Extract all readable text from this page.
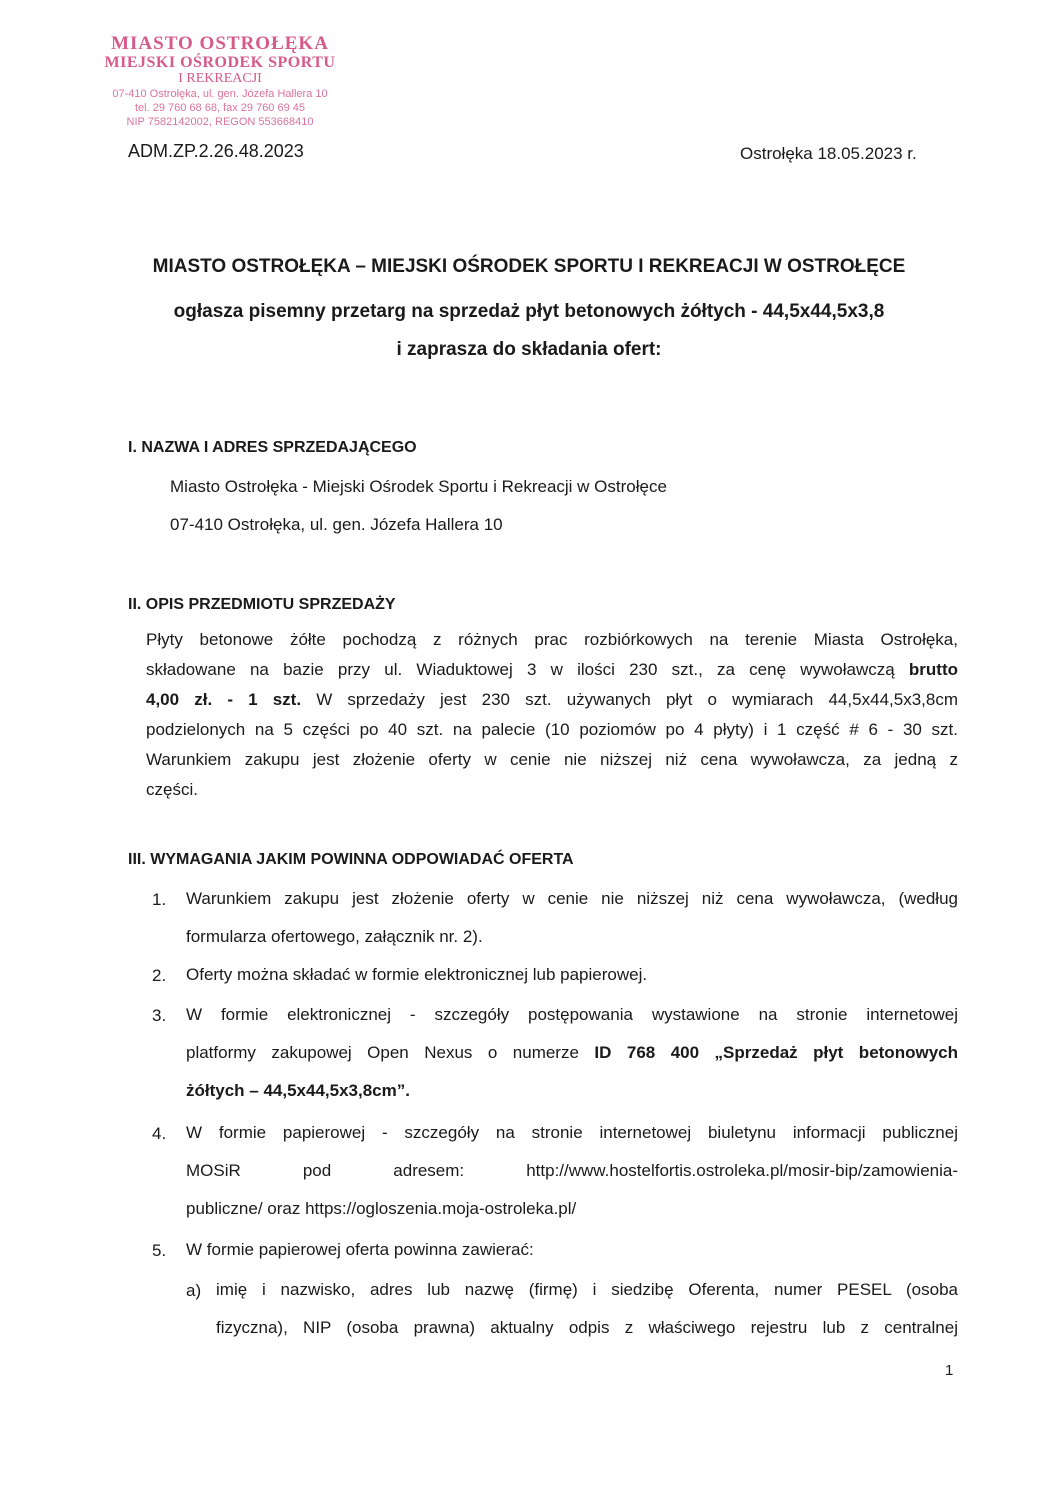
MIASTO OSTROŁĘKA
MIEJSKI OŚRODEK SPORTU
I REKREACJI
07-410 Ostrołęka, ul. gen. Józefa Hallera 10
tel. 29 760 68 68, fax 29 760 69 45
NIP 7582142002, REGON 553668410
ADM.ZP.2.26.48.2023	Ostrołęka 18.05.2023 r.
MIASTO OSTROŁĘKA – MIEJSKI OŚRODEK SPORTU I REKREACJI W OSTROŁĘCE
ogłasza pisemny przetarg na sprzedaż płyt betonowych żółtych - 44,5x44,5x3,8
i zaprasza do składania ofert:
I. NAZWA I ADRES SPRZEDAJĄCEGO
Miasto Ostrołęka - Miejski Ośrodek Sportu i Rekreacji w Ostrołęce
07-410 Ostrołęka, ul. gen. Józefa Hallera 10
II. OPIS PRZEDMIOTU SPRZEDAŻY
Płyty betonowe żółte pochodzą z różnych prac rozbiórkowych na terenie Miasta Ostrołęka,
składowane na bazie przy ul. Wiaduktowej 3 w ilości 230 szt., za cenę wywoławczą brutto
4,00 zł. - 1 szt. W sprzedaży jest 230 szt. używanych płyt o wymiarach 44,5x44,5x3,8cm
podzielonych na 5 części po 40 szt. na palecie (10 poziomów po 4 płyty) i 1 część # 6 - 30 szt.
Warunkiem zakupu jest złożenie oferty w cenie nie niższej niż cena wywoławcza, za jedną z
części.
III. WYMAGANIA JAKIM POWINNA ODPOWIADAĆ OFERTA
1. Warunkiem zakupu jest złożenie oferty w cenie nie niższej niż cena wywoławcza, (według
formularza ofertowego, załącznik nr. 2).
2. Oferty można składać w formie elektronicznej lub papierowej.
3. W formie elektronicznej - szczegóły postępowania wystawione na stronie internetowej
platformy zakupowej Open Nexus o numerze ID 768 400 „Sprzedaż płyt betonowych
żółtych – 44,5x44,5x3,8cm”.
4. W formie papierowej - szczegóły na stronie internetowej biuletynu informacji publicznej
MOSiR	pod	adresem:	http://www.hostelfortis.ostroleka.pl/mosir-bip/zamowienia-
publiczne/ oraz https://ogloszenia.moja-ostroleka.pl/
5. W formie papierowej oferta powinna zawierać:
a) imię i nazwisko, adres lub nazwę (firmę) i siedzibę Oferenta, numer PESEL (osoba
fizyczna), NIP (osoba prawna) aktualny odpis z właściwego rejestru lub z centralnej
1
